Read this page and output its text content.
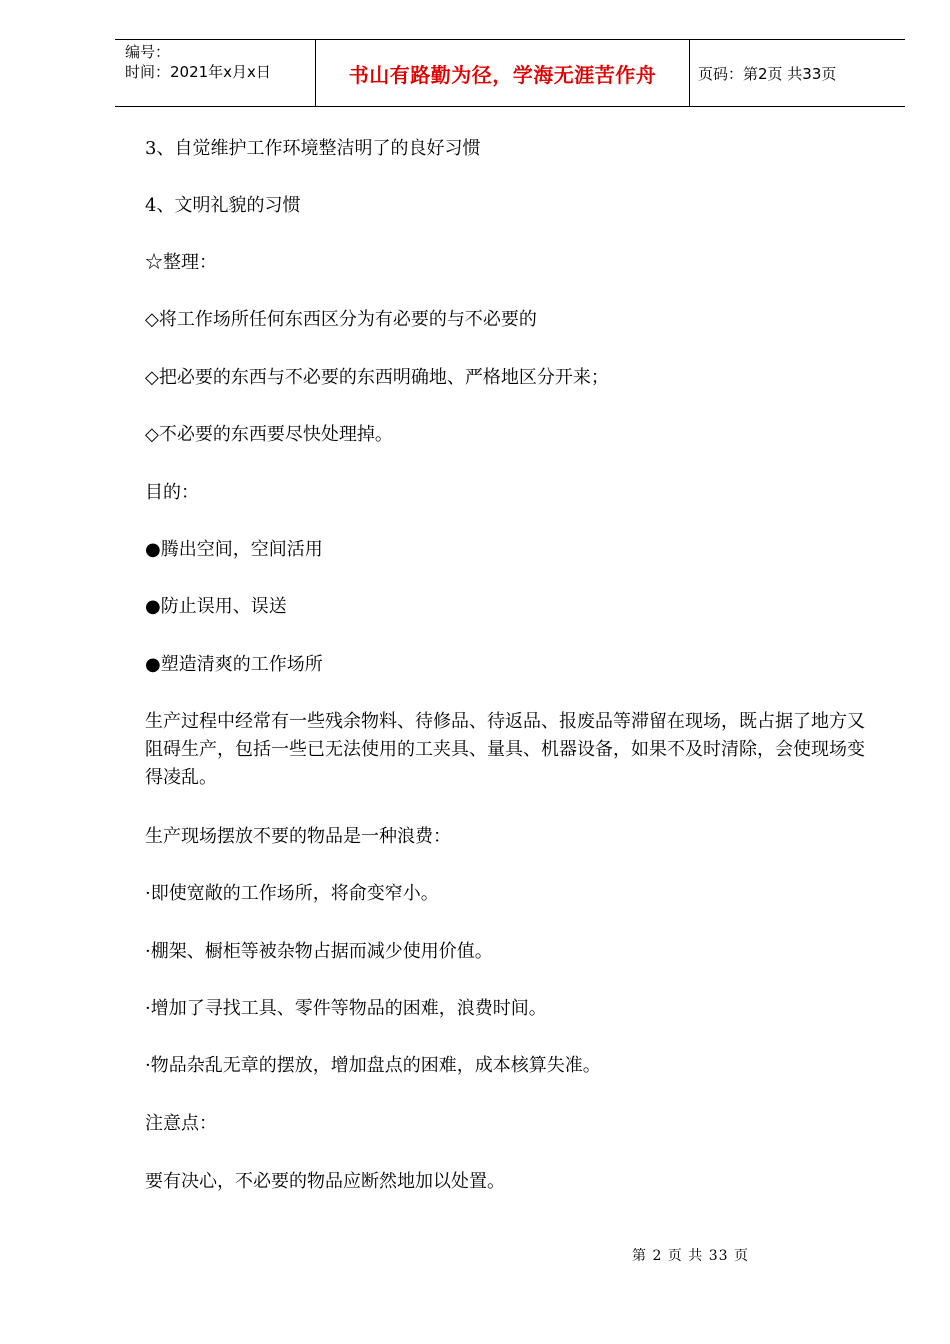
编号：
时间：2021年x月x日	书山有路勤为径，学海无涯苦作舟	页码：第2页 共33页
3、自觉维护工作环境整洁明了的良好习惯
4、文明礼貌的习惯
☆整理：
◇将工作场所任何东西区分为有必要的与不必要的
◇把必要的东西与不必要的东西明确地、严格地区分开来；
◇不必要的东西要尽快处理掉。
目的：
●腾出空间，空间活用
●防止误用、误送
●塑造清爽的工作场所
生产过程中经常有一些残余物料、待修品、待返品、报废品等滞留在现场，既占据了地方又阻碍生产，包括一些已无法使用的工夹具、量具、机器设备，如果不及时清除，会使现场变得凌乱。
生产现场摆放不要的物品是一种浪费：
·即使宽敞的工作场所，将俞变窄小。
·棚架、橱柜等被杂物占据而减少使用价值。
·增加了寻找工具、零件等物品的困难，浪费时间。
·物品杂乱无章的摆放，增加盘点的困难，成本核算失准。
注意点：
要有决心，不必要的物品应断然地加以处置。
第 2 页 共 33 页
